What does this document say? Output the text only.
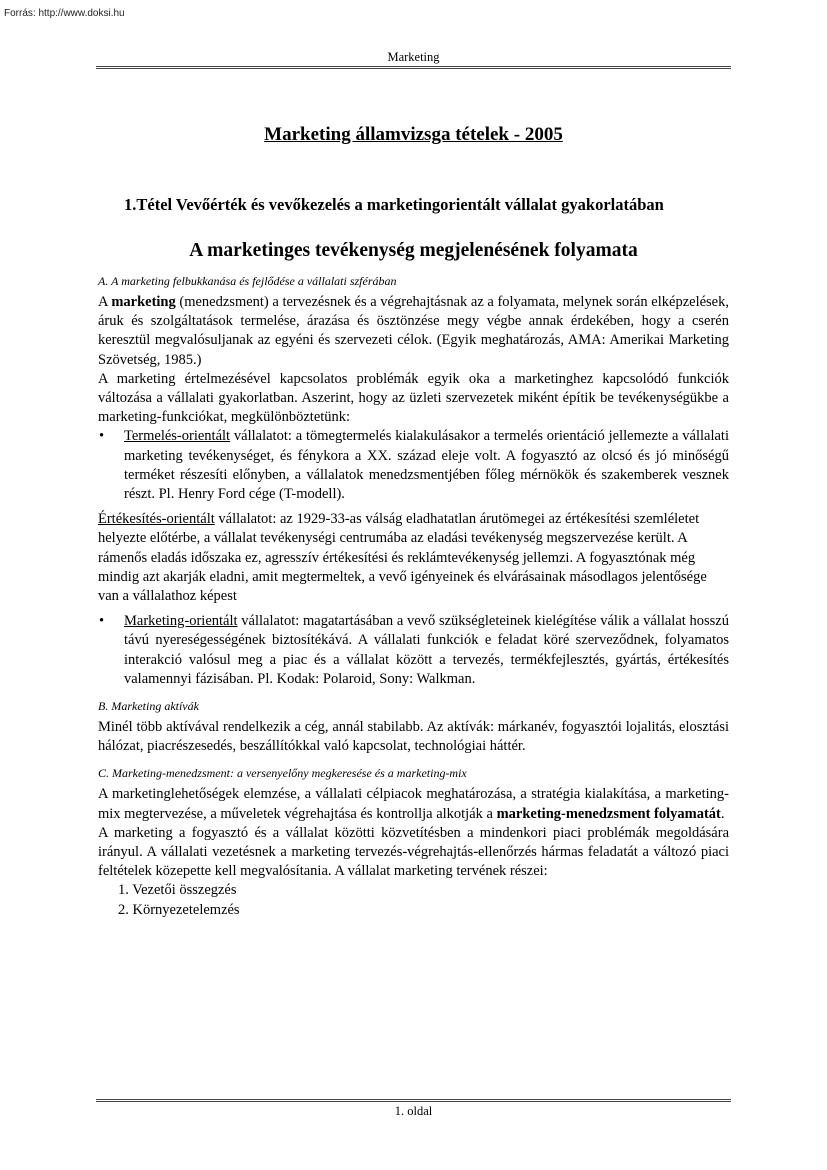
Forrás: http://www.doksi.hu
Marketing
Marketing államvizsga tételek - 2005
1.Tétel Vevőérték és vevőkezelés a marketingorientált vállalat gyakorlatában
A marketinges tevékenység megjelenésének folyamata
A. A marketing felbukkanása és fejlődése a vállalati szférában

A marketing (menedzsment) a tervezésnek és a végrehajtásnak az a folyamata, melynek során elképzelések, áruk és szolgáltatások termelése, árazása és ösztönzése megy végbe annak érdekében, hogy a cserén keresztül megvalósuljanak az egyéni és szervezeti célok. (Egyik meghatározás, AMA: Amerikai Marketing Szövetség, 1985.)

A marketing értelmezésével kapcsolatos problémák egyik oka a marketinghez kapcsolódó funkciók változása a vállalati gyakorlatban. Aszerint, hogy az üzleti szervezetek miként építik be tevékenységükbe a marketing-funkciókat, megkülönböztetünk:

• Termelés-orientált vállalatot: a tömegtermelés kialakulásakor a termelés orientáció jellemezte a vállalati marketing tevékenységet, és fénykora a XX. század eleje volt. A fogyasztó az olcsó és jó minőségű terméket részesíti előnyben, a vállalatok menedzsmentjében főleg mérnökök és szakemberek vesznek részt. Pl. Henry Ford cége (T-modell).

Értékesítés-orientált vállalatot: az 1929-33-as válság eladhatatlan árutömegei az értékesítési szemléletet helyezte előtérbe, a vállalat tevékenységi centrumába az eladási tevékenység megszervezése került. A rámenős eladás időszaka ez, agresszív értékesítési és reklámtevékenység jellemzi. A fogyasztónak még mindig azt akarják eladni, amit megtermeltek, a vevő igényeinek és elvárásainak másodlagos jelentősége van a vállalathoz képest

• Marketing-orientált vállalatot: magatartásában a vevő szükségleteinek kielégítése válik a vállalat hosszú távú nyereségességének biztosítékává. A vállalati funkciók e feladat köré szerveződnek, folyamatos interakció valósul meg a piac és a vállalat között a tervezés, termékfejlesztés, gyártás, értékesítés valamennyi fázisában. Pl. Kodak: Polaroid, Sony: Walkman.
B. Marketing aktívák

Minél több aktívával rendelkezik a cég, annál stabilabb. Az aktívák: márkanév, fogyasztói lojalitás, elosztási hálózat, piacrészesedés, beszállítókkal való kapcsolat, technológiai háttér.

C. Marketing-menedzsment: a versenyelőny megkeresése és a marketing-mix

A marketinglehetőségek elemzése, a vállalati célpiacok meghatározása, a stratégia kialakítása, a marketing-mix megtervezése, a műveletek végrehajtása és kontrollja alkotják a marketing-menedzsment folyamatát.

A marketing a fogyasztó és a vállalat közötti közvetítésben a mindenkori piaci problémák megoldására irányul. A vállalati vezetésnek a marketing tervezés-végrehajtás-ellenőrzés hármas feladatát a változó piaci feltételek közepette kell megvalósítania. A vállalat marketing tervének részei:

1. Vezetői összegzés
2. Környezetelemzés
1. oldal
